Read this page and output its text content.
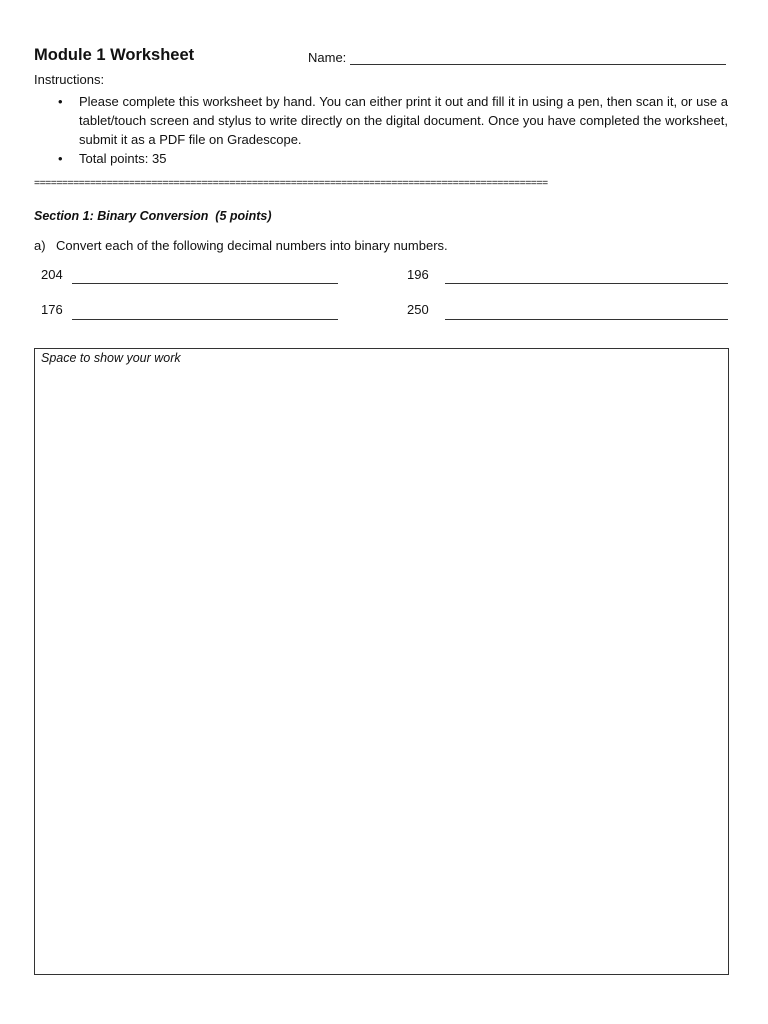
Module 1 Worksheet	Name:
Instructions:
• Please complete this worksheet by hand. You can either print it out and fill it in using a pen, then scan it, or use a tablet/touch screen and stylus to write directly on the digital document. Once you have completed the worksheet, submit it as a PDF file on Gradescope.
• Total points: 35
============================================================================================
Section 1: Binary Conversion  (5 points)
a) Convert each of the following decimal numbers into binary numbers.
204	196
176	250
Space to show your work
